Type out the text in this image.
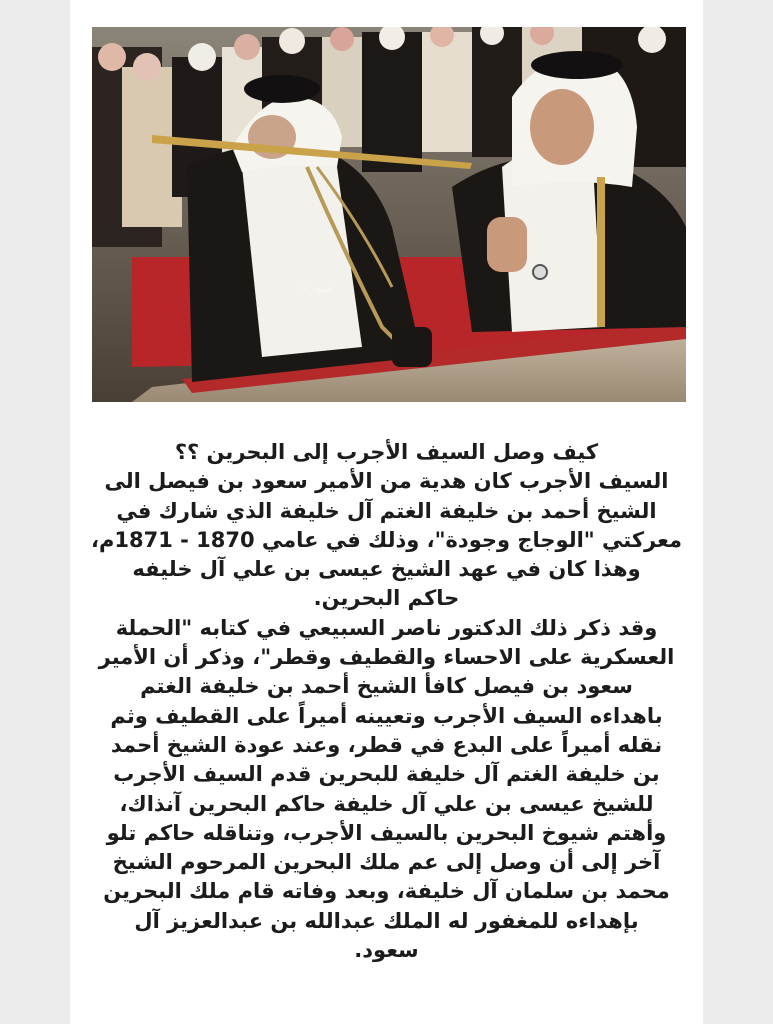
صورة

كيف وصل السيف الأجرب إلى البحرين ؟؟

السيف الأجرب كان هدية من الأمير سعود بن فيصل الى

الشيخ أحمد بن خليفة الغتم آل خليفة الذي شارك في

معركتي "الوجاج وجودة"، وذلك في عامي 1870 - 1871م،

وهذا كان في عهد الشيخ عيسى بن علي آل خليفه

حاكم البحرين.

وقد ذكر ذلك الدكتور ناصر السبيعي في كتابه "الحملة

العسكرية على الاحساء والقطيف وقطر"، وذكر أن الأمير

سعود بن فيصل كافأ الشيخ أحمد بن خليفة الغتم

باهداءه السيف الأجرب وتعيينه أميراً على القطيف وثم

نقله أميراً على البدع في قطر، وعند عودة الشيخ أحمد

بن خليفة الغتم آل خليفة للبحرين قدم السيف الأجرب

للشيخ عيسى بن علي آل خليفة حاكم البحرين آنذاك،

وأهتم شيوخ البحرين بالسيف الأجرب، وتناقله حاكم تلو

آخر إلى أن وصل إلى عم ملك البحرين المرحوم الشيخ

محمد بن سلمان آل خليفة، وبعد وفاته قام ملك البحرين

بإهداءه للمغفور له الملك عبدالله بن عبدالعزيز آل

سعود.
